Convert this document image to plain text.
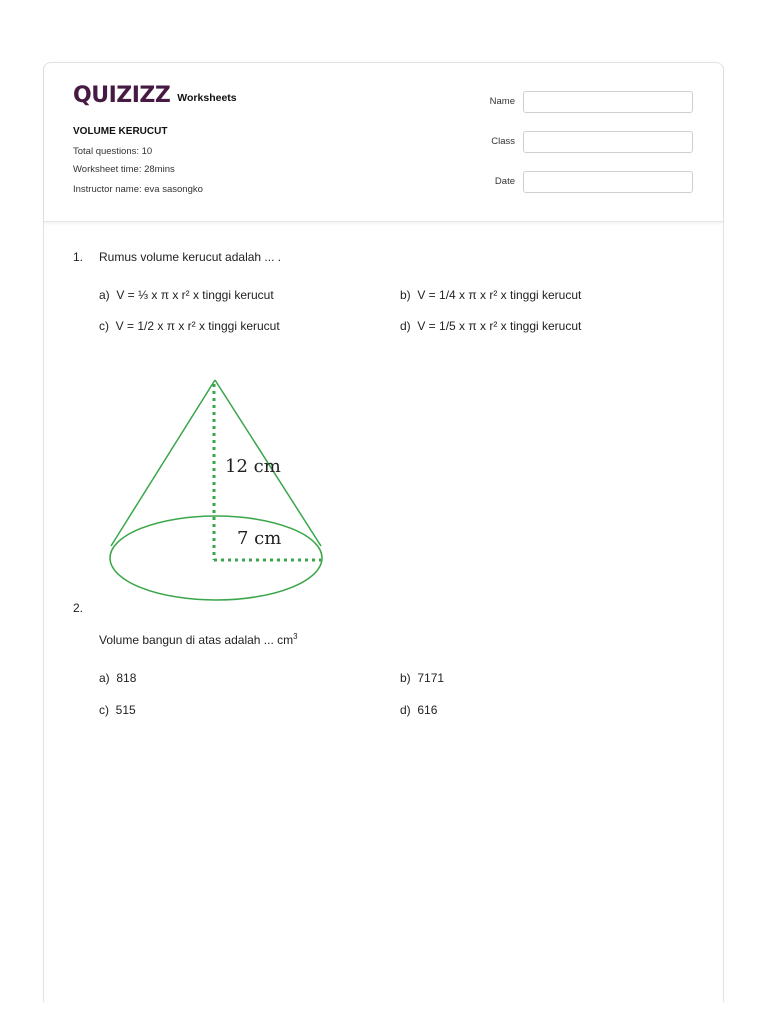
QUIZIZZ Worksheets
VOLUME KERUCUT
Total questions: 10
Worksheet time: 28mins
Instructor name: eva sasongko
Name
Class
Date
1. Rumus volume kerucut adalah ... .
a) V = ⅓ x π x r² x tinggi kerucut	b) V = 1/4 x π x r² x tinggi kerucut
c) V = 1/2 x π x r² x tinggi kerucut	d) V = 1/5 x π x r² x tinggi kerucut
12 cm
7 cm
2.
Volume bangun di atas adalah ... $cm^3$
a) 818	b) 7171
c) 515	d) 616
